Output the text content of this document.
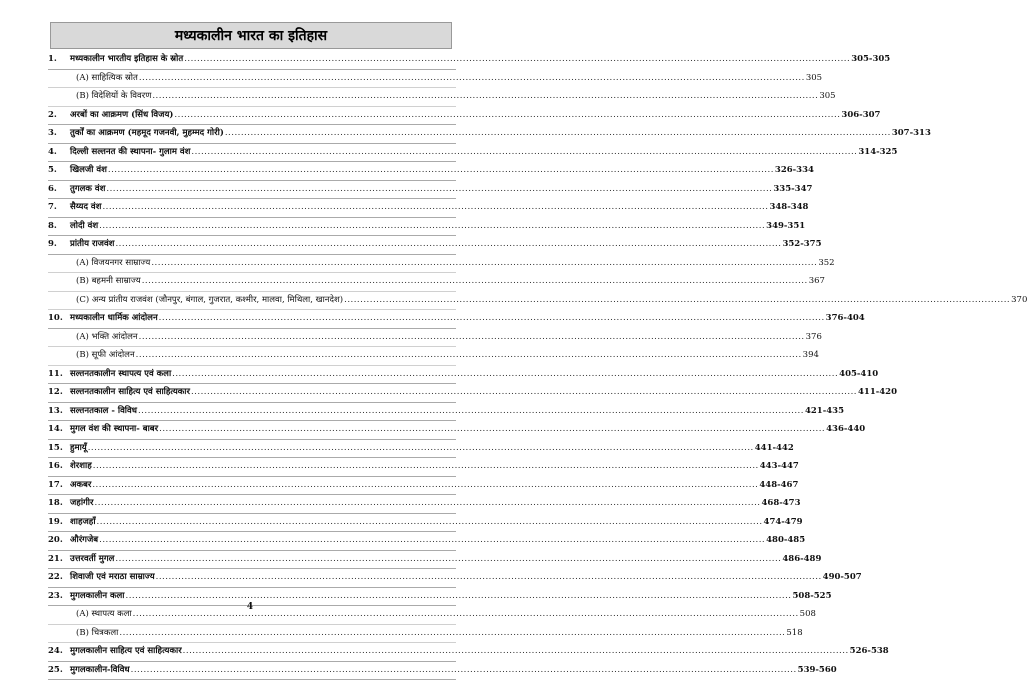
मध्यकालीन भारत का इतिहास
1.	मध्यकालीन भारतीय इतिहास के स्रोत .....	305-305
(A) साहित्यिक स्रोत .....	305
(B) विदेशियों के विवरण .....	305
2.	अरबों का आक्रमण (सिंध विजय) .....	306-307
3.	तुर्कों का आक्रमण (महमूद गजनवी, मुहम्मद गोरी) .....	307-313
4.	दिल्ली सल्तनत की स्थापना- गुलाम वंश .....	314-325
5.	खिलजी वंश .....	326-334
6.	तुगलक वंश .....	335-347
7.	सैय्यद वंश .....	348-348
8.	लोदी वंश .....	349-351
9.	प्रांतीय राजवंश .....	352-375
(A) विजयनगर साम्राज्य .....	352
(B) बहमनी साम्राज्य .....	367
(C) अन्य प्रांतीय राजवंश (जौनपुर, बंगाल, गुजरात, कश्मीर, मालवा, मिथिला, खानदेश) .....	370
10. मध्यकालीन धार्मिक आंदोलन .....	376-404
(A) भक्ति आंदोलन .....	376
(B) सूफी आंदोलन .....	394
11. सल्तनतकालीन स्थापत्य एवं कला .....	405-410
12. सल्तनतकालीन साहित्य एवं साहित्यकार .....	411-420
13. सल्तनतकाल - विविध .....	421-435
14. मुगल वंश की स्थापना- बाबर .....	436-440
15. हुमायूँ .....	441-442
16. शेरशाह .....	443-447
17. अकबर .....	448-467
18. जहांगीर .....	468-473
19. शाहजहाँ .....	474-479
20. औरंगजेब .....	480-485
21. उत्तरवर्ती मुगल .....	486-489
22. शिवाजी एवं मराठा साम्राज्य .....	490-507
23. मुगलकालीन कला .....	508-525
(A) स्थापत्य कला .....	508
(B) चित्रकला .....	518
24. मुगलकालीन साहित्य एवं साहित्यकार .....	526-538
25. मुगलकालीन-विविध .....	539-560
4
